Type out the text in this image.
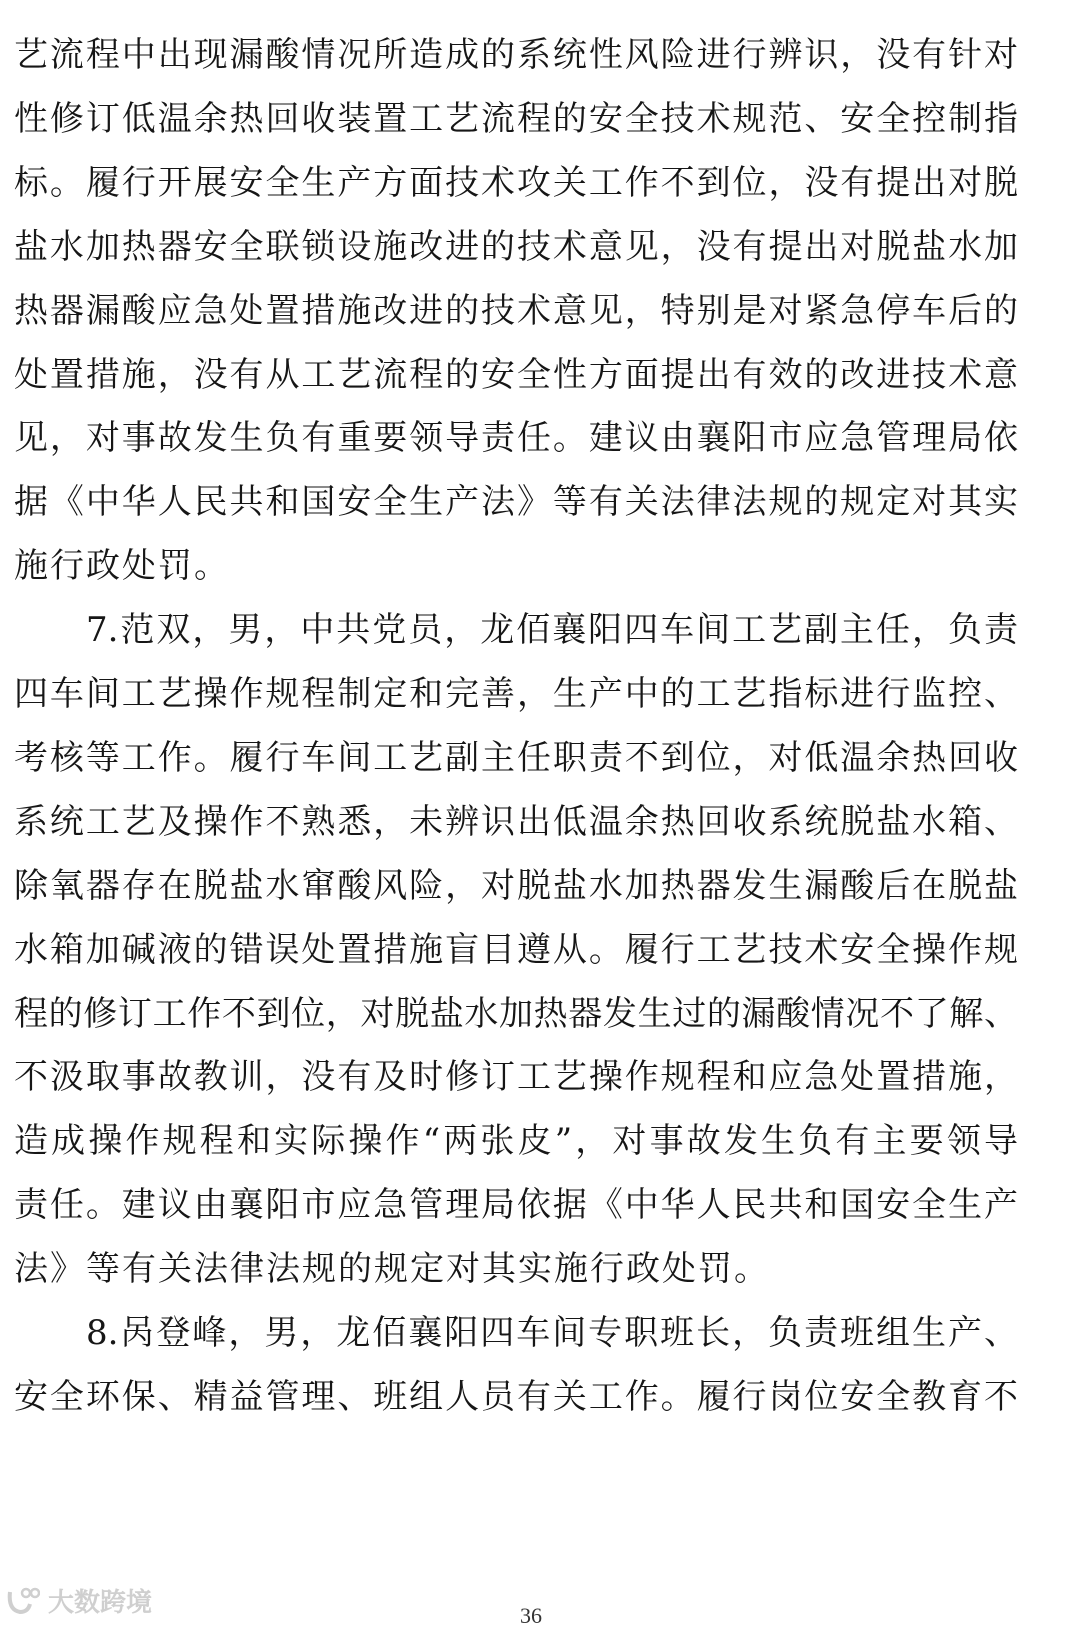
艺流程中出现漏酸情况所造成的系统性风险进行辨识，没有针对
性修订低温余热回收装置工艺流程的安全技术规范、安全控制指
标。履行开展安全生产方面技术攻关工作不到位，没有提出对脱
盐水加热器安全联锁设施改进的技术意见，没有提出对脱盐水加
热器漏酸应急处置措施改进的技术意见，特别是对紧急停车后的
处置措施，没有从工艺流程的安全性方面提出有效的改进技术意
见，对事故发生负有重要领导责任。建议由襄阳市应急管理局依
据《中华人民共和国安全生产法》等有关法律法规的规定对其实
施行政处罚。
7.范双，男，中共党员，龙佰襄阳四车间工艺副主任，负责
四车间工艺操作规程制定和完善，生产中的工艺指标进行监控、
考核等工作。履行车间工艺副主任职责不到位，对低温余热回收
系统工艺及操作不熟悉，未辨识出低温余热回收系统脱盐水箱、
除氧器存在脱盐水窜酸风险，对脱盐水加热器发生漏酸后在脱盐
水箱加碱液的错误处置措施盲目遵从。履行工艺技术安全操作规
程的修订工作不到位，对脱盐水加热器发生过的漏酸情况不了解、
不汲取事故教训，没有及时修订工艺操作规程和应急处置措施，
造成操作规程和实际操作“两张皮”，对事故发生负有主要领导
责任。建议由襄阳市应急管理局依据《中华人民共和国安全生产
法》等有关法律法规的规定对其实施行政处罚。
8.呙登峰，男，龙佰襄阳四车间专职班长，负责班组生产、
安全环保、精益管理、班组人员有关工作。履行岗位安全教育不
大数跨境	36
